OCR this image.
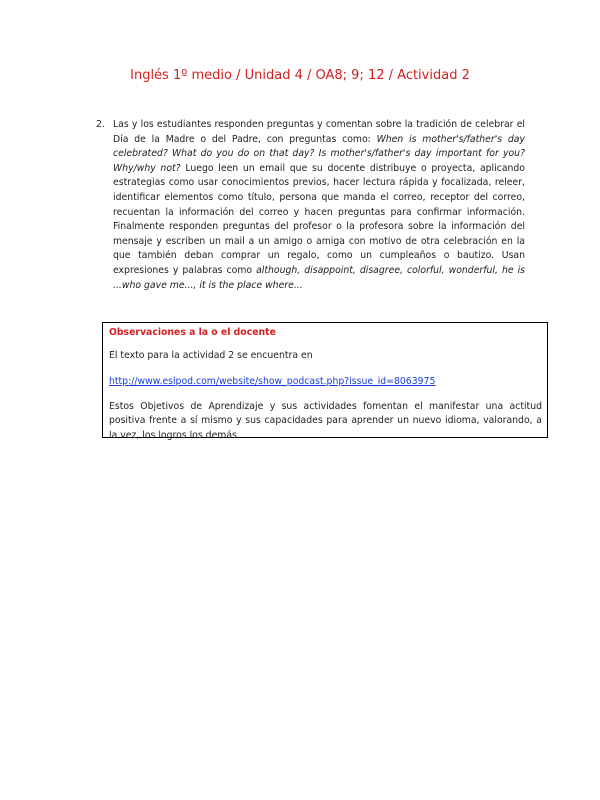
Inglés 1º medio / Unidad 4 / OA8; 9; 12 / Actividad 2
2. Las y los estudiantes responden preguntas y comentan sobre la tradición de celebrar el Día de la Madre o del Padre, con preguntas como: When is mother's/father's day celebrated? What do you do on that day? Is mother's/father's day important for you? Why/why not? Luego leen un email que su docente distribuye o proyecta, aplicando estrategias como usar conocimientos previos, hacer lectura rápida y focalizada, releer, identificar elementos como título, persona que manda el correo, receptor del correo, recuentan la información del correo y hacen preguntas para confirmar información. Finalmente responden preguntas del profesor o la profesora sobre la información del mensaje y escriben un mail a un amigo o amiga con motivo de otra celebración en la que también deban comprar un regalo, como un cumpleaños o bautizo. Usan expresiones y palabras como although, disappoint, disagree, colorful, wonderful, he is ...who gave me..., it is the place where...
Observaciones a la o el docente
El texto para la actividad 2 se encuentra en
http://www.eslpod.com/website/show_podcast.php?issue_id=8063975
Estos Objetivos de Aprendizaje y sus actividades fomentan el manifestar una actitud positiva frente a sí mismo y sus capacidades para aprender un nuevo idioma, valorando, a la vez, los logros los demás.
